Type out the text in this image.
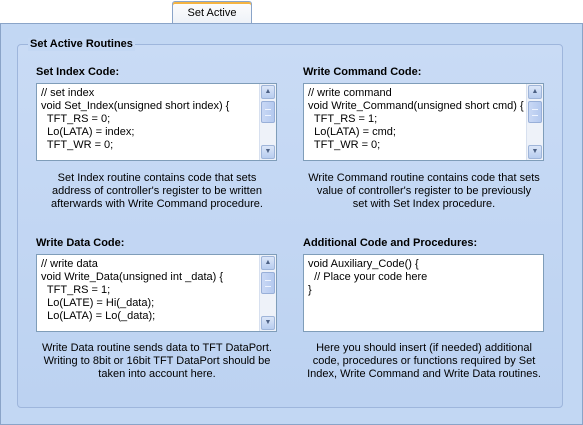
Set Active
Set Active Routines
Set Index Code:
// set index
void Set_Index(unsigned short index) {
TFT_RS = 0;
Lo(LATA) = index;
TFT_WR = 0;
▲
▼
Set Index routine contains code that sets
address of controller's register to be written
afterwards with Write Command procedure.
Write Command Code:
// write command
void Write_Command(unsigned short cmd) {
TFT_RS = 1;
Lo(LATA) = cmd;
TFT_WR = 0;
▲
▼
Write Command routine contains code that sets
value of controller's register to be previously
set with Set Index procedure.
Write Data Code:
// write data
void Write_Data(unsigned int _data) {
TFT_RS = 1;
Lo(LATE) = Hi(_data);
Lo(LATA) = Lo(_data);
▲
▼
Write Data routine sends data to TFT DataPort.
Writing to 8bit or 16bit TFT DataPort should be
taken into account here.
Additional Code and Procedures:
void Auxiliary_Code() {
// Place your code here
}
Here you should insert (if needed) additional
code, procedures or functions required by Set
Index, Write Command and Write Data routines.
